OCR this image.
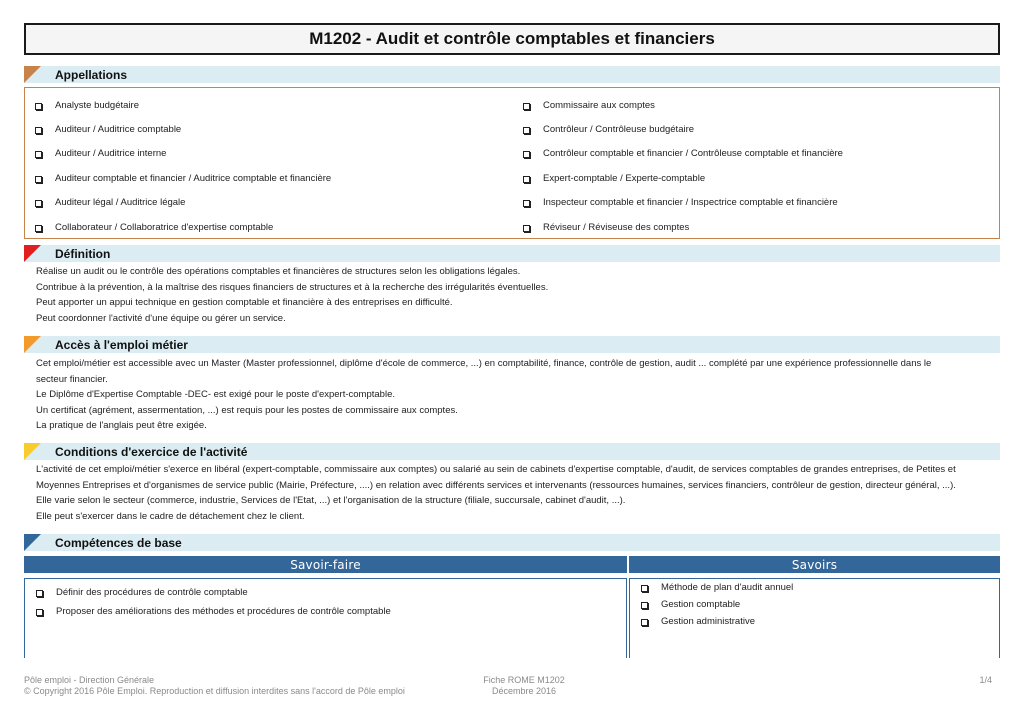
M1202 - Audit et contrôle comptables et financiers
Appellations
Analyste budgétaire
Auditeur / Auditrice comptable
Auditeur / Auditrice interne
Auditeur comptable et financier / Auditrice comptable et financière
Auditeur légal / Auditrice légale
Collaborateur / Collaboratrice d'expertise comptable
Commissaire aux comptes
Contrôleur / Contrôleuse budgétaire
Contrôleur comptable et financier / Contrôleuse comptable et financière
Expert-comptable / Experte-comptable
Inspecteur comptable et financier / Inspectrice comptable et financière
Réviseur / Réviseuse des comptes
Définition
Réalise un audit ou le contrôle des opérations comptables et financières de structures selon les obligations légales.
Contribue à la prévention, à la maîtrise des risques financiers de structures et à la recherche des irrégularités éventuelles.
Peut apporter un appui technique en gestion comptable et financière à des entreprises en difficulté.
Peut coordonner l'activité d'une équipe ou gérer un service.
Accès à l'emploi métier
Cet emploi/métier est accessible avec un Master (Master professionnel, diplôme d'école de commerce, ...) en comptabilité, finance, contrôle de gestion, audit ... complété par une expérience professionnelle dans le
secteur financier.
Le Diplôme d'Expertise Comptable -DEC- est exigé pour le poste d'expert-comptable.
Un certificat (agrément, assermentation, ...) est requis pour les postes de commissaire aux comptes.
La pratique de l'anglais peut être exigée.
Conditions d'exercice de l'activité
L'activité de cet emploi/métier s'exerce en libéral (expert-comptable, commissaire aux comptes) ou salarié au sein de cabinets d'expertise comptable, d'audit, de services comptables de grandes entreprises, de Petites et
Moyennes Entreprises et d'organismes de service public (Mairie, Préfecture, ....) en relation avec différents services et intervenants (ressources humaines, services financiers, contrôleur de gestion, directeur général, ...).
Elle varie selon le secteur (commerce, industrie, Services de l'Etat, ...) et l'organisation de la structure (filiale, succursale, cabinet d'audit, ...).
Elle peut s'exercer dans le cadre de détachement chez le client.
Compétences de base
Savoir-faire	Savoirs
Définir des procédures de contrôle comptable
Proposer des améliorations des méthodes et procédures de contrôle comptable
Méthode de plan d'audit annuel
Gestion comptable
Gestion administrative
Pôle emploi - Direction Générale
© Copyright 2016 Pôle Emploi. Reproduction et diffusion interdites sans l'accord de Pôle emploi
Fiche ROME M1202
Décembre 2016
1/4
